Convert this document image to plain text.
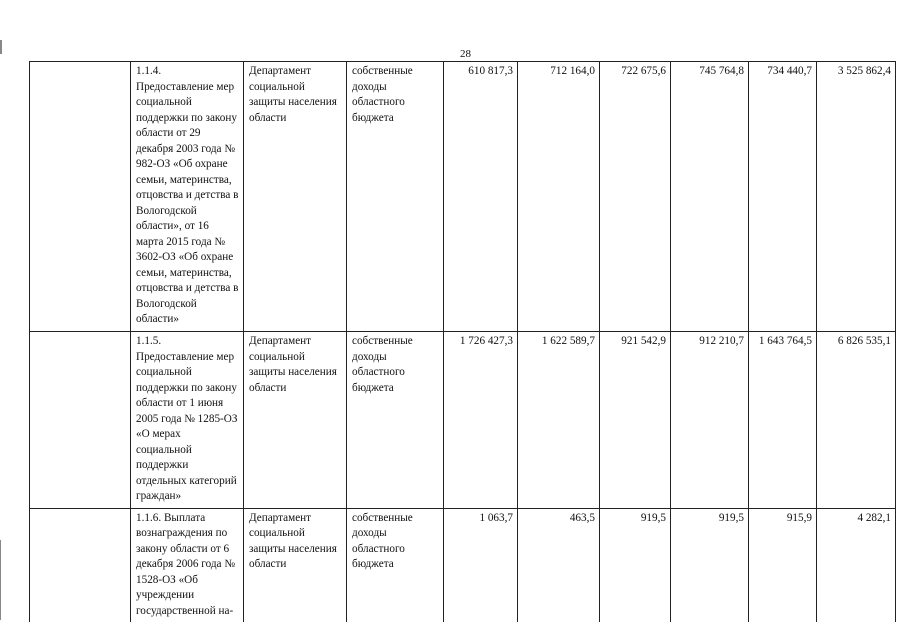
28
	1.1.4. Предоставление мер социальной поддержки по закону области от 29 декабря 2003 года № 982-ОЗ «Об охране семьи, материнства, отцовства и детства в Вологодской области», от 16 марта 2015 года № 3602-ОЗ «Об охране семьи, материнства, отцовства и детства в Вологодской области»	Департамент социальной защиты населения области	собственные доходы областного бюджета	610 817,3	712 164,0	722 675,6	745 764,8	734 440,7	3 525 862,4
	1.1.5. Предоставление мер социальной поддержки по закону области от 1 июня 2005 года № 1285-ОЗ «О мерах социальной поддержки отдельных категорий граждан»	Департамент социальной защиты населения области	собственные доходы областного бюджета	1 726 427,3	1 622 589,7	921 542,9	912 210,7	1 643 764,5	6 826 535,1
	1.1.6. Выплата вознаграждения по закону области от 6 декабря 2006 года № 1528-ОЗ «Об учреждении государственной на-	Департамент социальной защиты населения области	собственные доходы областного бюджета	1 063,7	463,5	919,5	919,5	915,9	4 282,1
